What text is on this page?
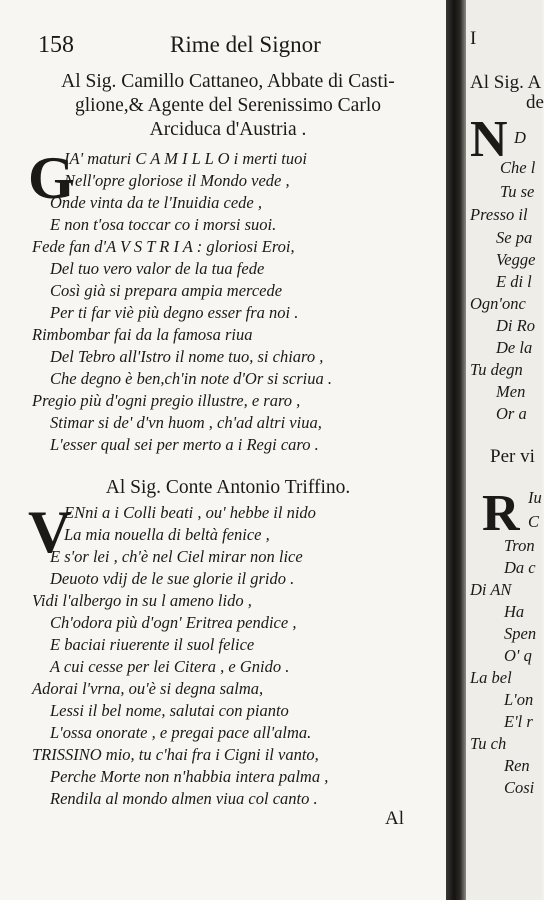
158	Rime del Signor
Al Sig. Camillo Cattaneo, Abbate di Casti-
glione,& Agente del Serenissimo Carlo
Arciduca d'Austria .
G
IA' maturi C A M I L L O i merti tuoi
Nell'opre gloriose il Mondo vede ,
Onde vinta da te l'Inuidia cede ,
E non t'osa toccar co i morsi suoi.
Fede fan d'A V S T R I A : gloriosi Eroi,
Del tuo vero valor de la tua fede
Così già si prepara ampia mercede
Per ti far viè più degno esser fra noi .
Rimbombar fai da la famosa riua
Del Tebro all'Istro il nome tuo, si chiaro ,
Che degno è ben,ch'in note d'Or si scriua .
Pregio più d'ogni pregio illustre, e raro ,
Stimar si de' d'vn huom , ch'ad altri viua,
L'esser qual sei per merto a i Regi caro .
Al Sig. Conte Antonio Triffino.
V
ENni a i Colli beati , ou' hebbe il nido
La mia nouella di beltà fenice ,
E s'or lei , ch'è nel Ciel mirar non lice
Deuoto vdij de le sue glorie il grido .
Vidi l'albergo in su l ameno lido ,
Ch'odora più d'ogn' Eritrea pendice ,
E baciai riuerente il suol felice
A cui cesse per lei Citera , e Gnido .
Adorai l'vrna, ou'è si degna salma,
Lessi il bel nome, salutai con pianto
L'ossa onorate , e pregai pace all'alma.
TRISSINO mio, tu c'hai fra i Cigni il vanto,
Perche Morte non n'habbia intera palma ,
Rendila al mondo almen viua col canto .
Al
I
Al Sig. A
de
N D
Che l
Tu se
Presso il
Se pa
Vegge
E di l
Ogn'onc
Di Ro
De la
Tu degn
Men
Or a
Per vi
R Iu
C
Tron
Da c
Di AN
Ha
Spen
O' q
La bel
L'on
E'l r
Tu ch
Ren
Cosi
